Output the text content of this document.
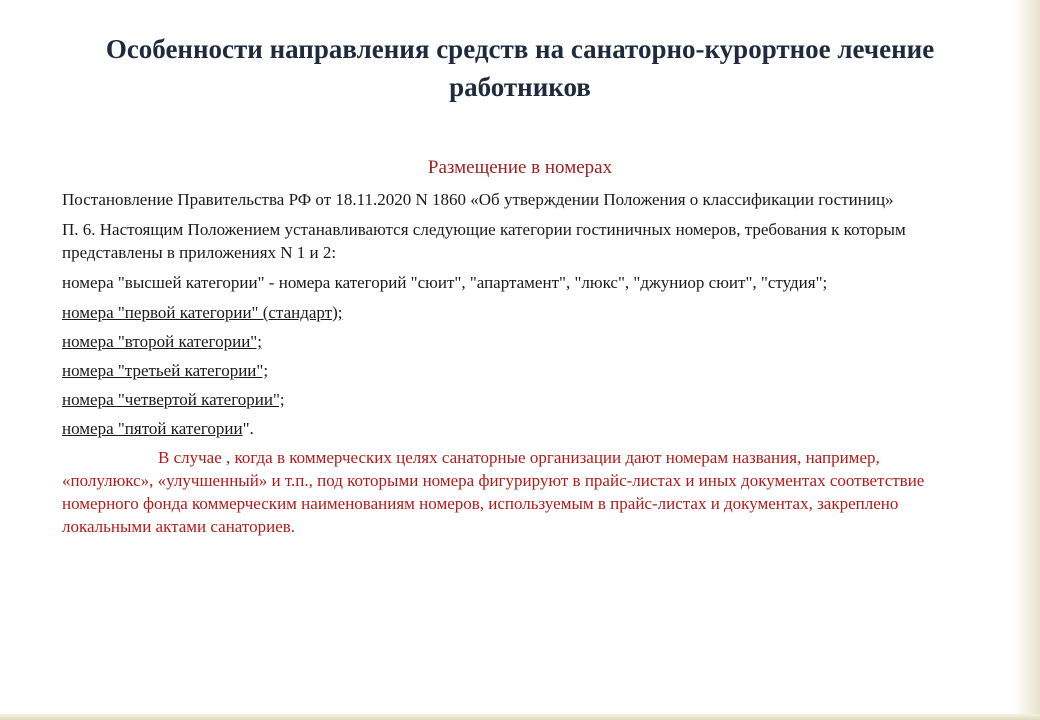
Особенности направления средств на санаторно-курортное лечение работников
Размещение в номерах

Постановление Правительства РФ от 18.11.2020 N 1860 «Об утверждении Положения о классификации гостиниц»

П. 6. Настоящим Положением устанавливаются следующие категории гостиничных номеров, требования к которым представлены в приложениях N 1 и 2:

номера "высшей категории" - номера категорий "сюит", "апартамент", "люкс", "джуниор сюит", "студия";

номера "первой категории" (стандарт);

номера "второй категории";

номера "третьей категории";

номера "четвертой категории";

номера "пятой категории".

В случае , когда в коммерческих целях санаторные организации дают номерам названия, например, «полулюкс», «улучшенный» и т.п., под которыми номера фигурируют в прайс-листах и иных документах соответствие номерного фонда коммерческим наименованиям номеров, используемым в прайс-листах и документах, закреплено локальными актами санаториев.
